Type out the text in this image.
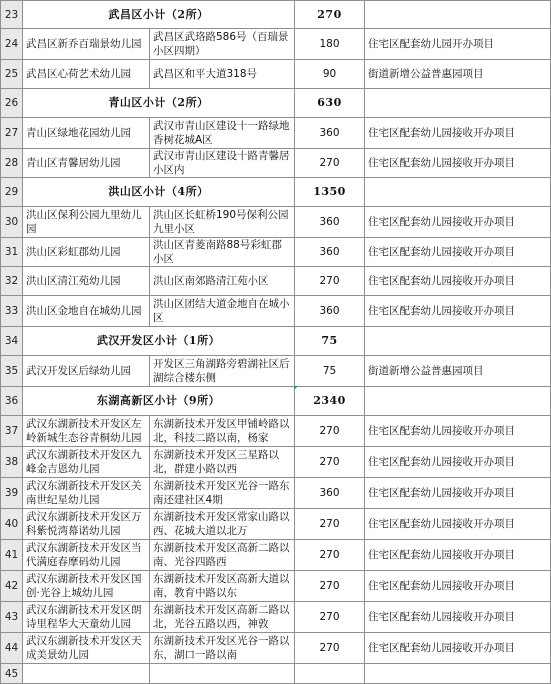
23	武昌区小计（2所）		270	
24	武昌区新乔百瑞景幼儿园	武昌区武珞路586号（百瑞景小区四期）	180	住宅区配套幼儿园开办项目
25	武昌区心荷艺术幼儿园	武昌区和平大道318号	90	街道新增公益普惠园项目
26	青山区小计（2所）		630	
27	青山区绿地花园幼儿园	武汉市青山区建设十一路绿地香树花城A区	360	住宅区配套幼儿园接收开办项目
28	青山区青馨居幼儿园	武汉市青山区建设十路青馨居小区内	270	住宅区配套幼儿园接收开办项目
29	洪山区小计（4所）		1350	
30	洪山区保利公园九里幼儿园	洪山区长虹桥190号保利公园九里小区	360	住宅区配套幼儿园接收开办项目
31	洪山区彩虹郡幼儿园	洪山区青菱南路88号彩虹郡小区	360	住宅区配套幼儿园接收开办项目
32	洪山区清江苑幼儿园	洪山区南郊路清江苑小区	270	住宅区配套幼儿园接收开办项目
33	洪山区金地自在城幼儿园	洪山区团结大道金地自在城小区	360	住宅区配套幼儿园接收开办项目
34	武汉开发区小计（1所）		75	
35	武汉开发区后绿幼儿园	开发区三角湖路旁碧湖社区后湖综合楼东侧	75	街道新增公益普惠园项目
36	东湖高新区小计（9所）		2340	
37	武汉东湖新技术开发区左岭新城生态谷青桐幼儿园	东湖新技术开发区甲铺岭路以北，科技二路以南，杨家	270	住宅区配套幼儿园接收开办项目
38	武汉东湖新技术开发区九峰金吉恩幼儿园	东湖新技术开发区三星路以北，群建小路以西	270	住宅区配套幼儿园接收开办项目
39	武汉东湖新技术开发区关南世纪星幼儿园	东湖新技术开发区光谷一路东南还建社区4期	360	住宅区配套幼儿园接收开办项目
40	武汉东湖新技术开发区万科紫悦湾幕诺幼儿园	东湖新技术开发区常家山路以西、花城大道以北万	270	住宅区配套幼儿园接收开办项目
41	武汉东湖新技术开发区当代满庭春摩码幼儿园	东湖新技术开发区高新二路以南、光谷四路西	270	住宅区配套幼儿园接收开办项目
42	武汉东湖新技术开发区国创·光谷上城幼儿园	东湖新技术开发区高新大道以南，教育中路以东	270	住宅区配套幼儿园接收开办项目
43	武汉东湖新技术开发区朗诗里程华大天童幼儿园	东湖新技术开发区高新二路以北，光谷五路以西，神敦	270	住宅区配套幼儿园接收开办项目
44	武汉东湖新技术开发区天成美景幼儿园	东湖新技术开发区光谷一路以东，湖口一路以南	270	住宅区配套幼儿园接收开办项目
45				
